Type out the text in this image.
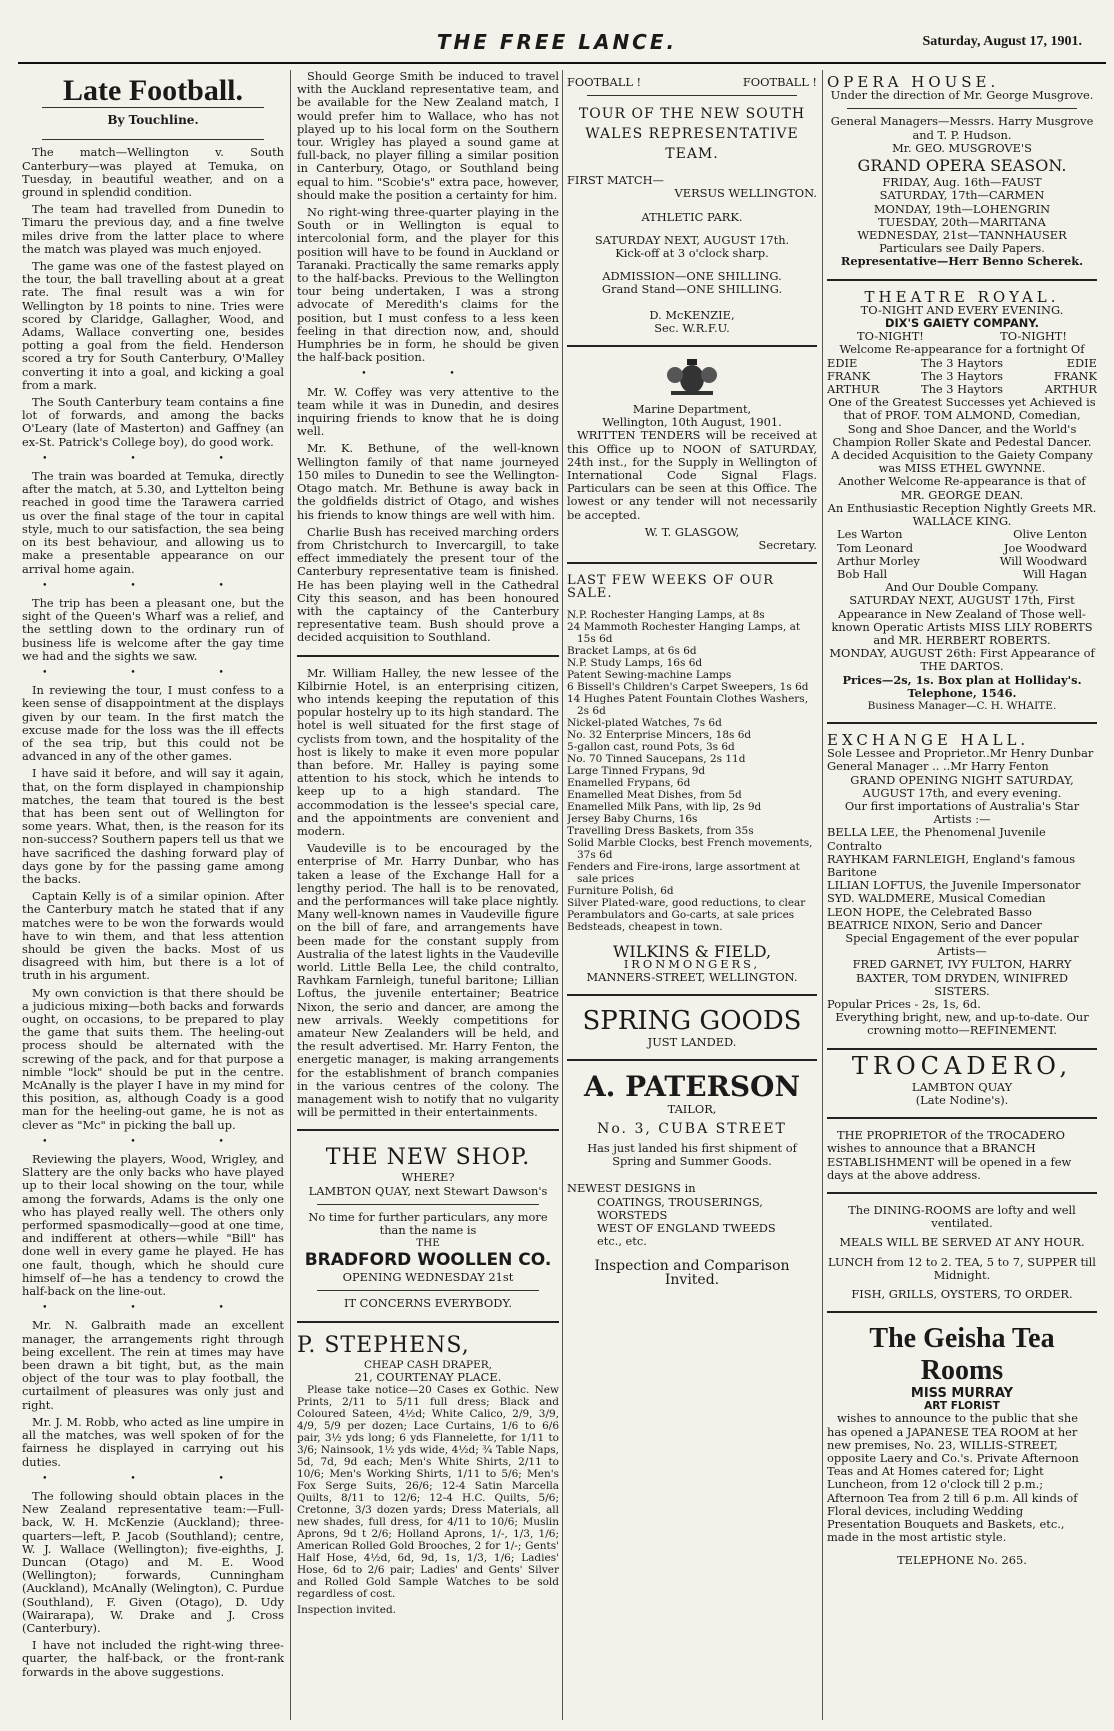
THE FREE LANCE.	Saturday, August 17, 1901.
Late Football.
By Touchline.

The match—Wellington v. South Canterbury—was played at Temuka, on Tuesday, in beautiful weather, and on a ground in splendid condition.

The team had travelled from Dunedin to Timaru the previous day, and a fine twelve miles drive from the latter place to where the match was played was much enjoyed.

The game was one of the fastest played on the tour, the ball travelling about at a great rate. The final result was a win for Wellington by 18 points to nine. Tries were scored by Claridge, Gallagher, Wood, and Adams, Wallace converting one, besides potting a goal from the field. Henderson scored a try for South Canterbury, O'Malley converting it into a goal, and kicking a goal from a mark.

The South Canterbury team contains a fine lot of forwards, and among the backs O'Leary (late of Masterton) and Gaffney (an ex-St. Patrick's College boy), do good work.

• • •

The train was boarded at Temuka, directly after the match, at 5.30, and Lyttelton being reached in good time the Tarawera carried us over the final stage of the tour in capital style, much to our satisfaction, the sea being on its best behaviour, and allowing us to make a presentable appearance on our arrival home again.

• • •

The trip has been a pleasant one, but the sight of the Queen's Wharf was a relief, and the settling down to the ordinary run of business life is welcome after the gay time we had and the sights we saw.

• • •

In reviewing the tour, I must confess to a keen sense of disappointment at the displays given by our team. In the first match the excuse made for the loss was the ill effects of the sea trip, but this could not be advanced in any of the other games.

I have said it before, and will say it again, that, on the form displayed in championship matches, the team that toured is the best that has been sent out of Wellington for some years. What, then, is the reason for its non-success? Southern papers tell us that we have sacrificed the dashing forward play of days gone by for the passing game among the backs.

Captain Kelly is of a similar opinion. After the Canterbury match he stated that if any matches were to be won the forwards would have to win them, and that less attention should be given the backs. Most of us disagreed with him, but there is a lot of truth in his argument.

My own conviction is that there should be a judicious mixing—both backs and forwards ought, on occasions, to be prepared to play the game that suits them. The heeling-out process should be alternated with the screwing of the pack, and for that purpose a nimble "lock" should be put in the centre. McAnally is the player I have in my mind for this position, as, although Coady is a good man for the heeling-out game, he is not as clever as "Mc" in picking the ball up.

• • •

Reviewing the players, Wood, Wrigley, and Slattery are the only backs who have played up to their local showing on the tour, while among the forwards, Adams is the only one who has played really well. The others only performed spasmodically—good at one time, and indifferent at others—while "Bill" has done well in every game he played. He has one fault, though, which he should cure himself of—he has a tendency to crowd the half-back on the line-out.

• • •

Mr. N. Galbraith made an excellent manager, the arrangements right through being excellent. The rein at times may have been drawn a bit tight, but, as the main object of the tour was to play football, the curtailment of pleasures was only just and right.

Mr. J. M. Robb, who acted as line umpire in all the matches, was well spoken of for the fairness he displayed in carrying out his duties.

• • •

The following should obtain places in the New Zealand representative team:—Full-back, W. H. McKenzie (Auckland); three-quarters—left, P. Jacob (Southland); centre, W. J. Wallace (Wellington); five-eighths, J. Duncan (Otago) and M. E. Wood (Wellington); forwards, Cunningham (Auckland), McAnally (Welington), C. Purdue (Southland), F. Given (Otago), D. Udy (Wairarapa), W. Drake and J. Cross (Canterbury).

I have not included the right-wing three-quarter, the half-back, or the front-rank forwards in the above suggestions.

Should George Smith be induced to travel with the Auckland representative team, and be available for the New Zealand match, I would prefer him to Wallace, who has not played up to his local form on the Southern tour. Wrigley has played a sound game at full-back, no player filling a similar position in Canterbury, Otago, or Southland being equal to him. "Scobie's" extra pace, however, should make the position a certainty for him.

No right-wing three-quarter playing in the South or in Wellington is equal to intercolonial form, and the player for this position will have to be found in Auckland or Taranaki. Practically the same remarks apply to the half-backs. Previous to the Wellington tour being undertaken, I was a strong advocate of Meredith's claims for the position, but I must confess to a less keen feeling in that direction now, and, should Humphries be in form, he should be given the half-back position.

• •

Mr. W. Coffey was very attentive to the team while it was in Dunedin, and desires inquiring friends to know that he is doing well.

Mr. K. Bethune, of the well-known Wellington family of that name journeyed 150 miles to Dunedin to see the Wellington-Otago match. Mr. Bethune is away back in the goldfields district of Otago, and wishes his friends to know things are well with him.

Charlie Bush has received marching orders from Christchurch to Invercargill, to take effect immediately the present tour of the Canterbury representative team is finished. He has been playing well in the Cathedral City this season, and has been honoured with the captaincy of the Canterbury representative team. Bush should prove a decided acquisition to Southland.

Mr. William Halley, the new lessee of the Kilbirnie Hotel, is an enterprising citizen, who intends keeping the reputation of this popular hostelry up to its high standard. The hotel is well situated for the first stage of cyclists from town, and the hospitality of the host is likely to make it even more popular than before. Mr. Halley is paying some attention to his stock, which he intends to keep up to a high standard. The accommodation is the lessee's special care, and the appointments are convenient and modern.

Vaudeville is to be encouraged by the enterprise of Mr. Harry Dunbar, who has taken a lease of the Exchange Hall for a lengthy period. The hall is to be renovated, and the performances will take place nightly. Many well-known names in Vaudeville figure on the bill of fare, and arrangements have been made for the constant supply from Australia of the latest lights in the Vaudeville world. Little Bella Lee, the child contralto, Ravhkam Farnleigh, tuneful baritone; Lillian Loftus, the juvenile entertainer; Beatrice Nixon, the serio and dancer, are among the new arrivals. Weekly competitions for amateur New Zealanders will be held, and the result advertised. Mr. Harry Fenton, the energetic manager, is making arrangements for the establishment of branch companies in the various centres of the colony. The management wish to notify that no vulgarity will be permitted in their entertainments.

THE NEW SHOP.
WHERE?
LAMBTON QUAY, next Stewart Dawson's
No time for further particulars, any more than the name is
THE
BRADFORD WOOLLEN CO.
OPENING WEDNESDAY 21st
IT CONCERNS EVERYBODY.
P. STEPHENS,
CHEAP CASH DRAPER,
21, COURTENAY PLACE.

Please take notice—20 Cases ex Gothic. New Prints, 2/11 to 5/11 full dress; Black and Coloured Sateen, 4½d; White Calico, 2/9, 3/9, 4/9, 5/9 per dozen; Lace Curtains, 1/6 to 6/6 pair, 3½ yds long; 6 yds Flannelette, for 1/11 to 3/6; Nainsook, 1½ yds wide, 4½d; ¾ Table Naps, 5d, 7d, 9d each; Men's White Shirts, 2/11 to 10/6; Men's Working Shirts, 1/11 to 5/6; Men's Fox Serge Suits, 26/6; 12-4 Satin Marcella Quilts, 8/11 to 12/6; 12-4 H.C. Quilts, 5/6; Cretonne, 3/3 dozen yards; Dress Materials, all new shades, full dress, for 4/11 to 10/6; Muslin Aprons, 9d t 2/6; Holland Aprons, 1/-, 1/3, 1/6; American Rolled Gold Brooches, 2 for 1/-; Gents' Half Hose, 4½d, 6d, 9d, 1s, 1/3, 1/6; Ladies' Hose, 6d to 2/6 pair; Ladies' and Gents' Silver and Rolled Gold Sample Watches to be sold regardless of cost.

Inspection invited.
FOOTBALL !	FOOTBALL !
TOUR OF THE NEW SOUTH WALES REPRESENTATIVE TEAM.
FIRST MATCH—
VERSUS WELLINGTON.
ATHLETIC PARK.
SATURDAY NEXT, AUGUST 17th.
Kick-off at 3 o'clock sharp.
ADMISSION—ONE SHILLING.
Grand Stand—ONE SHILLING.
D. McKENZIE,
Sec. W.R.F.U.
Marine Department,
Wellington, 10th August, 1901.

WRITTEN TENDERS will be received at this Office up to NOON of SATURDAY, 24th inst., for the Supply in Wellington of International Code Signal Flags. Particulars can be seen at this Office. The lowest or any tender will not necessarily be accepted.

W. T. GLASGOW,
Secretary.
LAST FEW WEEKS OF OUR SALE.
N.P. Rochester Hanging Lamps, at 8s
24 Mammoth Rochester Hanging Lamps, at 15s 6d
Bracket Lamps, at 6s 6d
N.P. Study Lamps, 16s 6d
Patent Sewing-machine Lamps
6 Bissell's Children's Carpet Sweepers, 1s 6d
14 Hughes Patent Fountain Clothes Washers, 2s 6d
Nickel-plated Watches, 7s 6d
No. 32 Enterprise Mincers, 18s 6d
5-gallon cast, round Pots, 3s 6d
No. 70 Tinned Saucepans, 2s 11d
Large Tinned Frypans, 9d
Enamelled Frypans, 6d
Enamelled Meat Dishes, from 5d
Enamelled Milk Pans, with lip, 2s 9d
Jersey Baby Churns, 16s
Travelling Dress Baskets, from 35s
Solid Marble Clocks, best French movements, 37s 6d
Fenders and Fire-irons, large assortment at sale prices
Furniture Polish, 6d
Silver Plated-ware, good reductions, to clear
Perambulators and Go-carts, at sale prices
Bedsteads, cheapest in town.
WILKINS & FIELD,
IRONMONGERS,
MANNERS-STREET, WELLINGTON.
SPRING GOODS
JUST LANDED.
A. PATERSON
TAILOR,
No. 3, CUBA STREET
Has just landed his first shipment of Spring and Summer Goods.
NEWEST DESIGNS in
COATINGS, TROUSERINGS,
WORSTEDS
WEST OF ENGLAND TWEEDS
etc., etc.
Inspection and Comparison Invited.
OPERA HOUSE.
Under the direction of Mr. George Musgrove.
General Managers—Messrs. Harry Musgrove and T. P. Hudson.
Mr. GEO. MUSGROVE'S
GRAND OPERA SEASON.
FRIDAY, Aug. 16th—FAUST
SATURDAY, 17th—CARMEN
MONDAY, 19th—LOHENGRIN
TUESDAY, 20th—MARITANA
WEDNESDAY, 21st—TANNHAUSER
Particulars see Daily Papers.
Representative—Herr Benno Scherek.
THEATRE ROYAL.
TO-NIGHT AND EVERY EVENING.
DIX'S GAIETY COMPANY.
TO-NIGHT!	TO-NIGHT!
Welcome Re-appearance for a fortnight Of
EDIE	The 3 Haytors	EDIE
FRANK	The 3 Haytors	FRANK
ARTHUR	The 3 Haytors	ARTHUR
One of the Greatest Successes yet Achieved is that of PROF. TOM ALMOND, Comedian, Song and Shoe Dancer, and the World's Champion Roller Skate and Pedestal Dancer.
A decided Acquisition to the Gaiety Company was MISS ETHEL GWYNNE.
Another Welcome Re-appearance is that of MR. GEORGE DEAN.
An Enthusiastic Reception Nightly Greets MR. WALLACE KING.
Les Warton	Olive Lenton
Tom Leonard	Joe Woodward
Arthur Morley	Will Woodward
Bob Hall	Will Hagan
And Our Double Company.
SATURDAY NEXT, AUGUST 17th, First Appearance in New Zealand of Those well-known Operatic Artists MISS LILY ROBERTS and MR. HERBERT ROBERTS.
MONDAY, AUGUST 26th: First Appearance of THE DARTOS.
Prices—2s, 1s. Box plan at Holliday's. Telephone, 1546.
Business Manager—C. H. WHAITE.
EXCHANGE HALL.
Sole Lessee and Proprietor..Mr Henry Dunbar
General Manager .. ..Mr Harry Fenton
GRAND OPENING NIGHT SATURDAY, AUGUST 17th, and every evening.
Our first importations of Australia's Star Artists :—
BELLA LEE, the Phenomenal Juvenile Contralto
RAYHKAM FARNLEIGH, England's famous Baritone
LILIAN LOFTUS, the Juvenile Impersonator
SYD. WALDMERE, Musical Comedian
LEON HOPE, the Celebrated Basso
BEATRICE NIXON, Serio and Dancer
Special Engagement of the ever popular Artists—
FRED GARNET, IVY FULTON, HARRY BAXTER, TOM DRYDEN, WINIFRED SISTERS.
Popular Prices - 2s, 1s, 6d.
Everything bright, new, and up-to-date. Our crowning motto—REFINEMENT.
TROCADERO,
LAMBTON QUAY
(Late Nodine's).

THE PROPRIETOR of the TROCADERO wishes to announce that a BRANCH ESTABLISHMENT will be opened in a few days at the above address.

The DINING-ROOMS are lofty and well ventilated.
MEALS WILL BE SERVED AT ANY HOUR.
LUNCH from 12 to 2. TEA, 5 to 7, SUPPER till Midnight.
FISH, GRILLS, OYSTERS, TO ORDER.
The Geisha Tea Rooms
MISS MURRAY
ART FLORIST

wishes to announce to the public that she has opened a JAPANESE TEA ROOM at her new premises, No. 23, WILLIS-STREET, opposite Laery and Co.'s. Private Afternoon Teas and At Homes catered for; Light Luncheon, from 12 o'clock till 2 p.m.; Afternoon Tea from 2 till 6 p.m. All kinds of Floral devices, including Wedding Presentation Bouquets and Baskets, etc., made in the most artistic style.

TELEPHONE No. 265.
